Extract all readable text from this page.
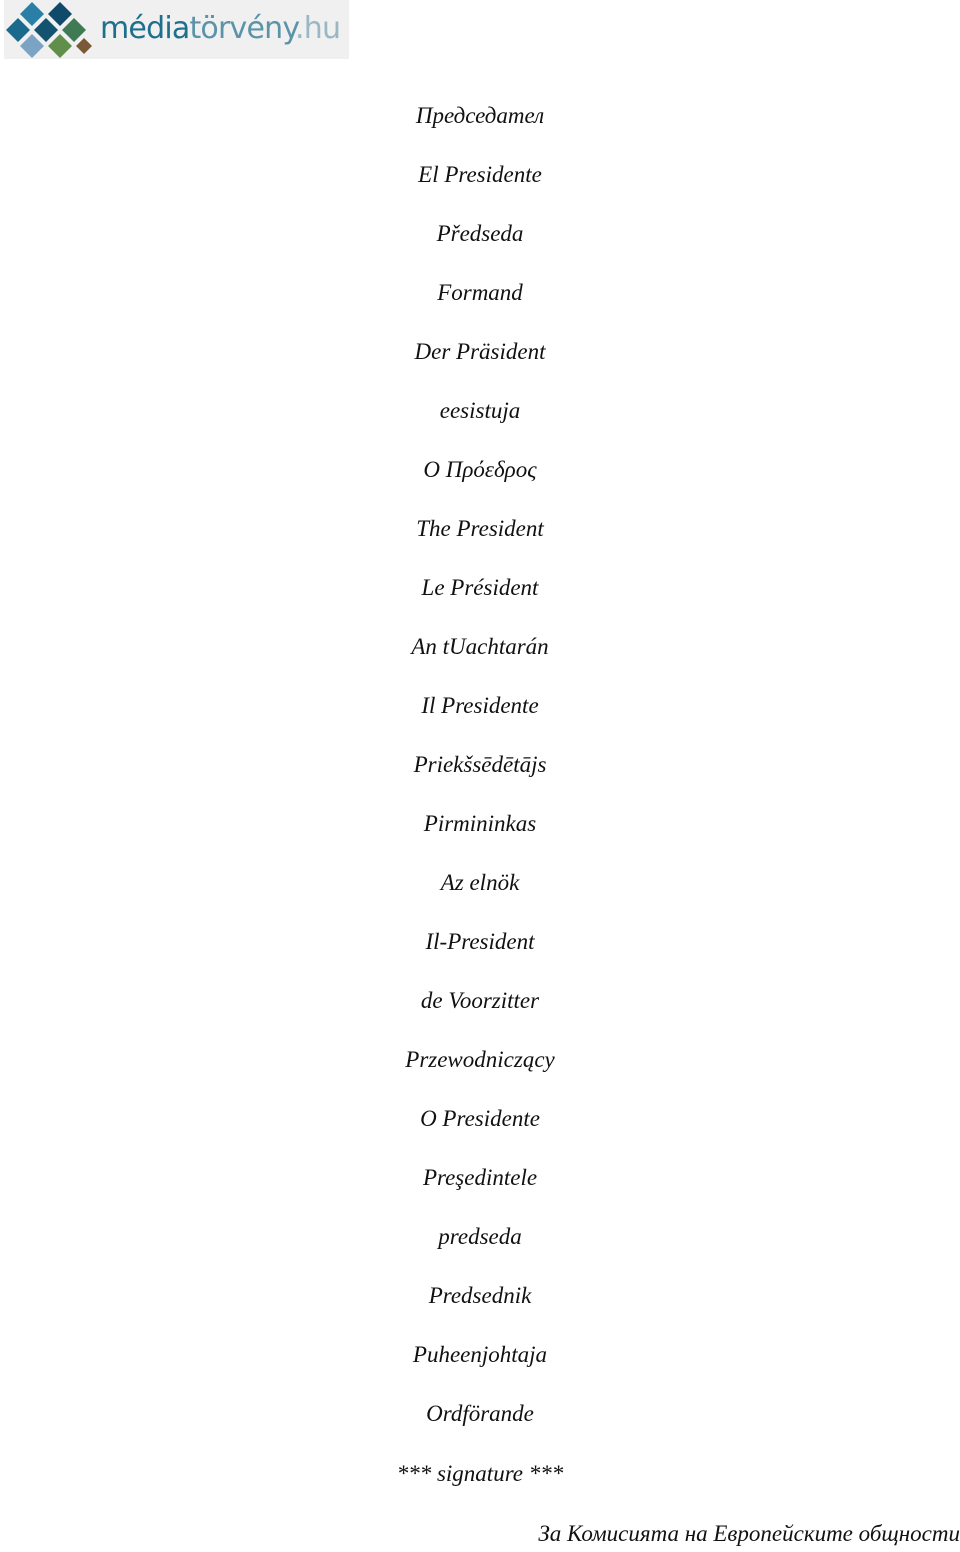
médiatörvény.hu
Председател
El Presidente
Předseda
Formand
Der Präsident
eesistuja
Ο Πρόεδρος
The President
Le Président
An tUachtarán
Il Presidente
Priekšsēdētājs
Pirmininkas
Az elnök
Il-President
de Voorzitter
Przewodniczący
O Presidente
Preşedintele
predseda
Predsednik
Puheenjohtaja
Ordförande
*** signature ***
За Комисията на Европейските общности
